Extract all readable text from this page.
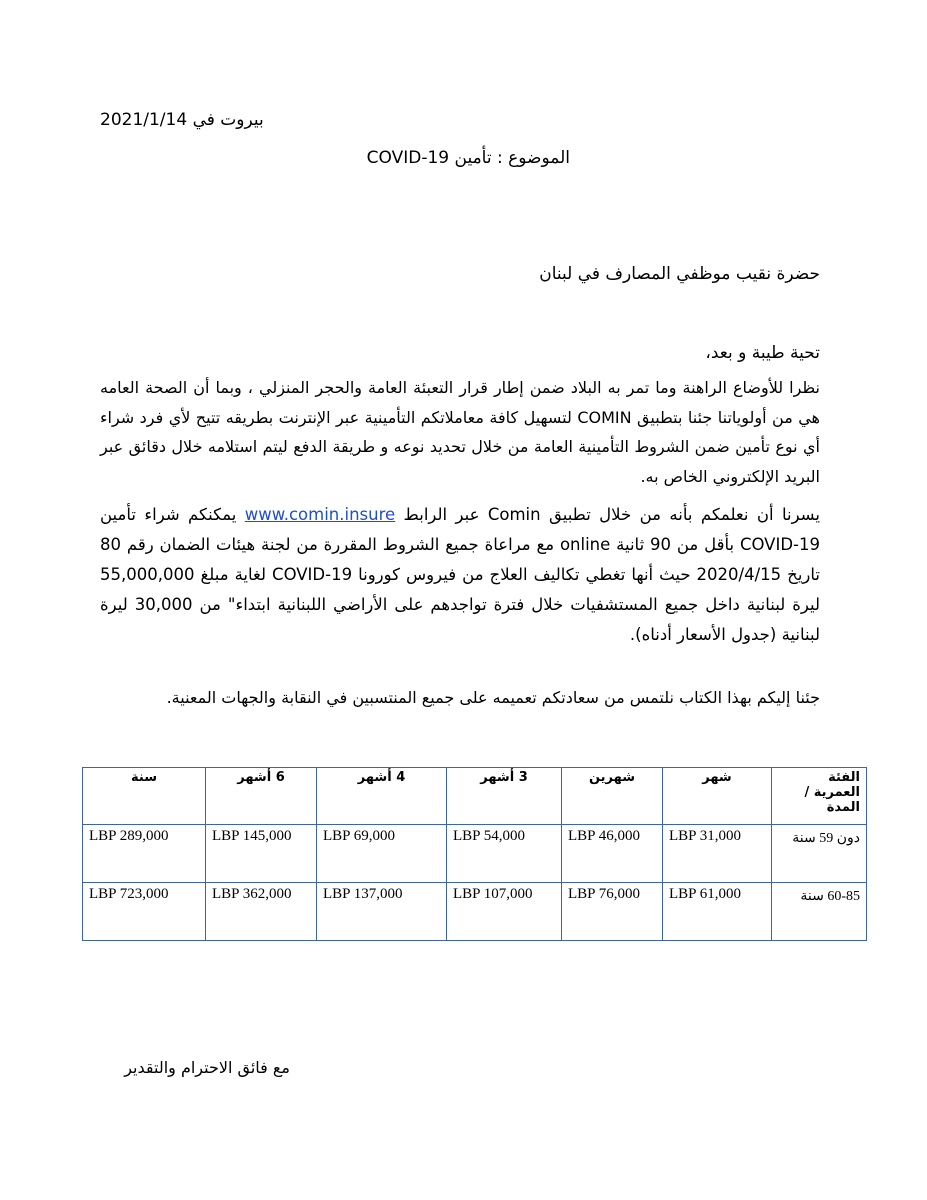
بيروت في 2021/1/14
الموضوع : تأمين COVID-19
حضرة نقيب موظفي المصارف في لبنان
تحية طيبة و بعد،
نظرا للأوضاع الراهنة وما تمر به البلاد ضمن إطار قرار التعبئة العامة والحجر المنزلي ، وبما أن الصحة العامه هي من أولوياتنا جئنا بتطبيق COMIN لتسهيل كافة معاملاتكم التأمينية عبر الإنترنت بطريقه تتيح لأي فرد شراء أي نوع تأمين ضمن الشروط التأمينية العامة من خلال تحديد نوعه و طريقة الدفع ليتم استلامه خلال دقائق عبر البريد الإلكتروني الخاص به.
يسرنا أن نعلمكم بأنه من خلال تطبيق Comin عبر الرابط www.comin.insure يمكنكم شراء تأمين COVID-19 بأقل من 90 ثانية online مع مراعاة جميع الشروط المقررة من لجنة هيئات الضمان رقم 80 تاريخ 2020/4/15 حيث أنها تغطي تكاليف العلاج من فيروس كورونا COVID-19 لغاية مبلغ 55,000,000 ليرة لبنانية داخل جميع المستشفيات خلال فترة تواجدهم على الأراضي اللبنانية ابتداء" من 30,000 ليرة لبنانية (جدول الأسعار أدناه).
جئنا إليكم بهذا الكتاب نلتمس من سعادتكم تعميمه على جميع المنتسبين في النقابة والجهات المعنية.
الفئة العمرية / المدة	شهر	شهرين	3 أشهر	4 أشهر	6 أشهر	سنة
دون 59 سنة	LBP 31,000	LBP 46,000	LBP 54,000	LBP 69,000	LBP 145,000	LBP 289,000
60-85 سنة	LBP 61,000	LBP 76,000	LBP 107,000	LBP 137,000	LBP 362,000	LBP 723,000
مع فائق الاحترام والتقدير
